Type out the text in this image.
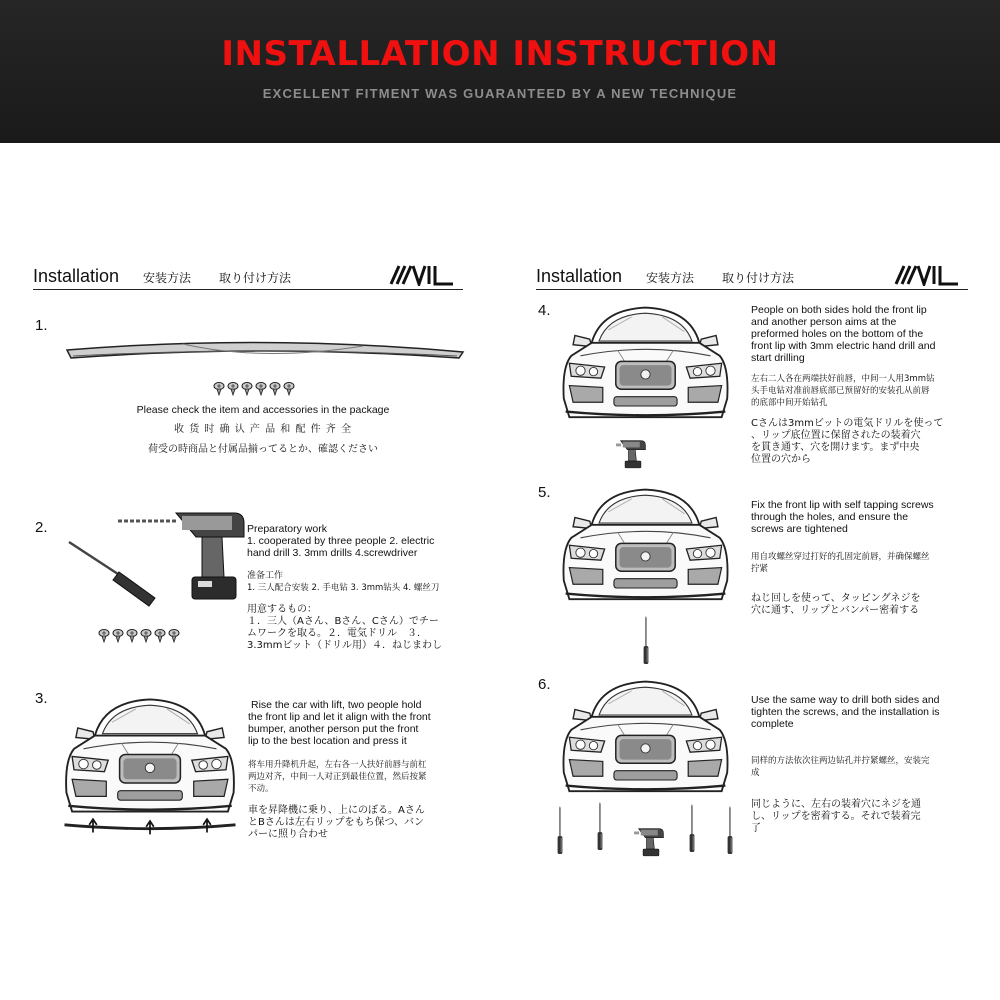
INSTALLATION INSTRUCTION
EXCELLENT FITMENT WAS GUARANTEED BY A NEW TECHNIQUE
Installation 安装方法 取り付け方法
1.
Please check the item and accessories in the package
收 货 时 确 认 产 品 和 配 件 齐 全
荷受の時商品と付属品揃ってるとか、確認ください
2.	Preparatory work
1. cooperated by three people 2. electric
hand drill 3. 3mm drills 4.screwdriver
准备工作
1. 三人配合安装 2. 手电钻 3. 3mm钻头 4. 螺丝刀
用意するもの：
１．三人（Aさん、Bさん、Cさん）でチー
ムワークを取る。２．電気ドリル　３．
3.3mmビット（ドリル用）４．ねじまわし
3.	Rise the car with lift, two people hold
the front lip and let it align with the front
bumper, another person put the front
lip to the best location and press it
将车用升降机升起，左右各一人扶好前唇与前杠
两边对齐，中间一人对正到最佳位置，然后按紧
不动。
車を昇降機に乗り、上にのぼる。Aさん
とBさんは左右リップをもち保つ、バン
パーに照り合わせ
Installation 安装方法 取り付け方法
4.	People on both sides hold the front lip
and another person aims at the
preformed holes on the bottom of the
front lip with 3mm electric hand drill and
start drilling
左右二人各在两端扶好前唇，中间一人用3mm钻
头手电钻对准前唇底部已预留好的安装孔从前唇
的底部中间开始钻孔
Cさんは3mmビットの電気ドリルを使って
、リップ底位置に保留されたの装着穴
を貫き通す、穴を開けます。まず中央
位置の穴から
5.
Fix the front lip with self tapping screws
through the holes, and ensure the
screws are tightened
用自攻螺丝穿过打好的孔固定前唇，并确保螺丝
拧紧
ねじ回しを使って、タッピングネジを
穴に通す、リップとバンパー密着する
6.
Use the same way to drill both sides and
tighten the screws, and the installation is
complete
同样的方法依次往两边钻孔并拧紧螺丝，安装完
成
同じように、左右の装着穴にネジを通
し、リップを密着する。それで装着完
了
